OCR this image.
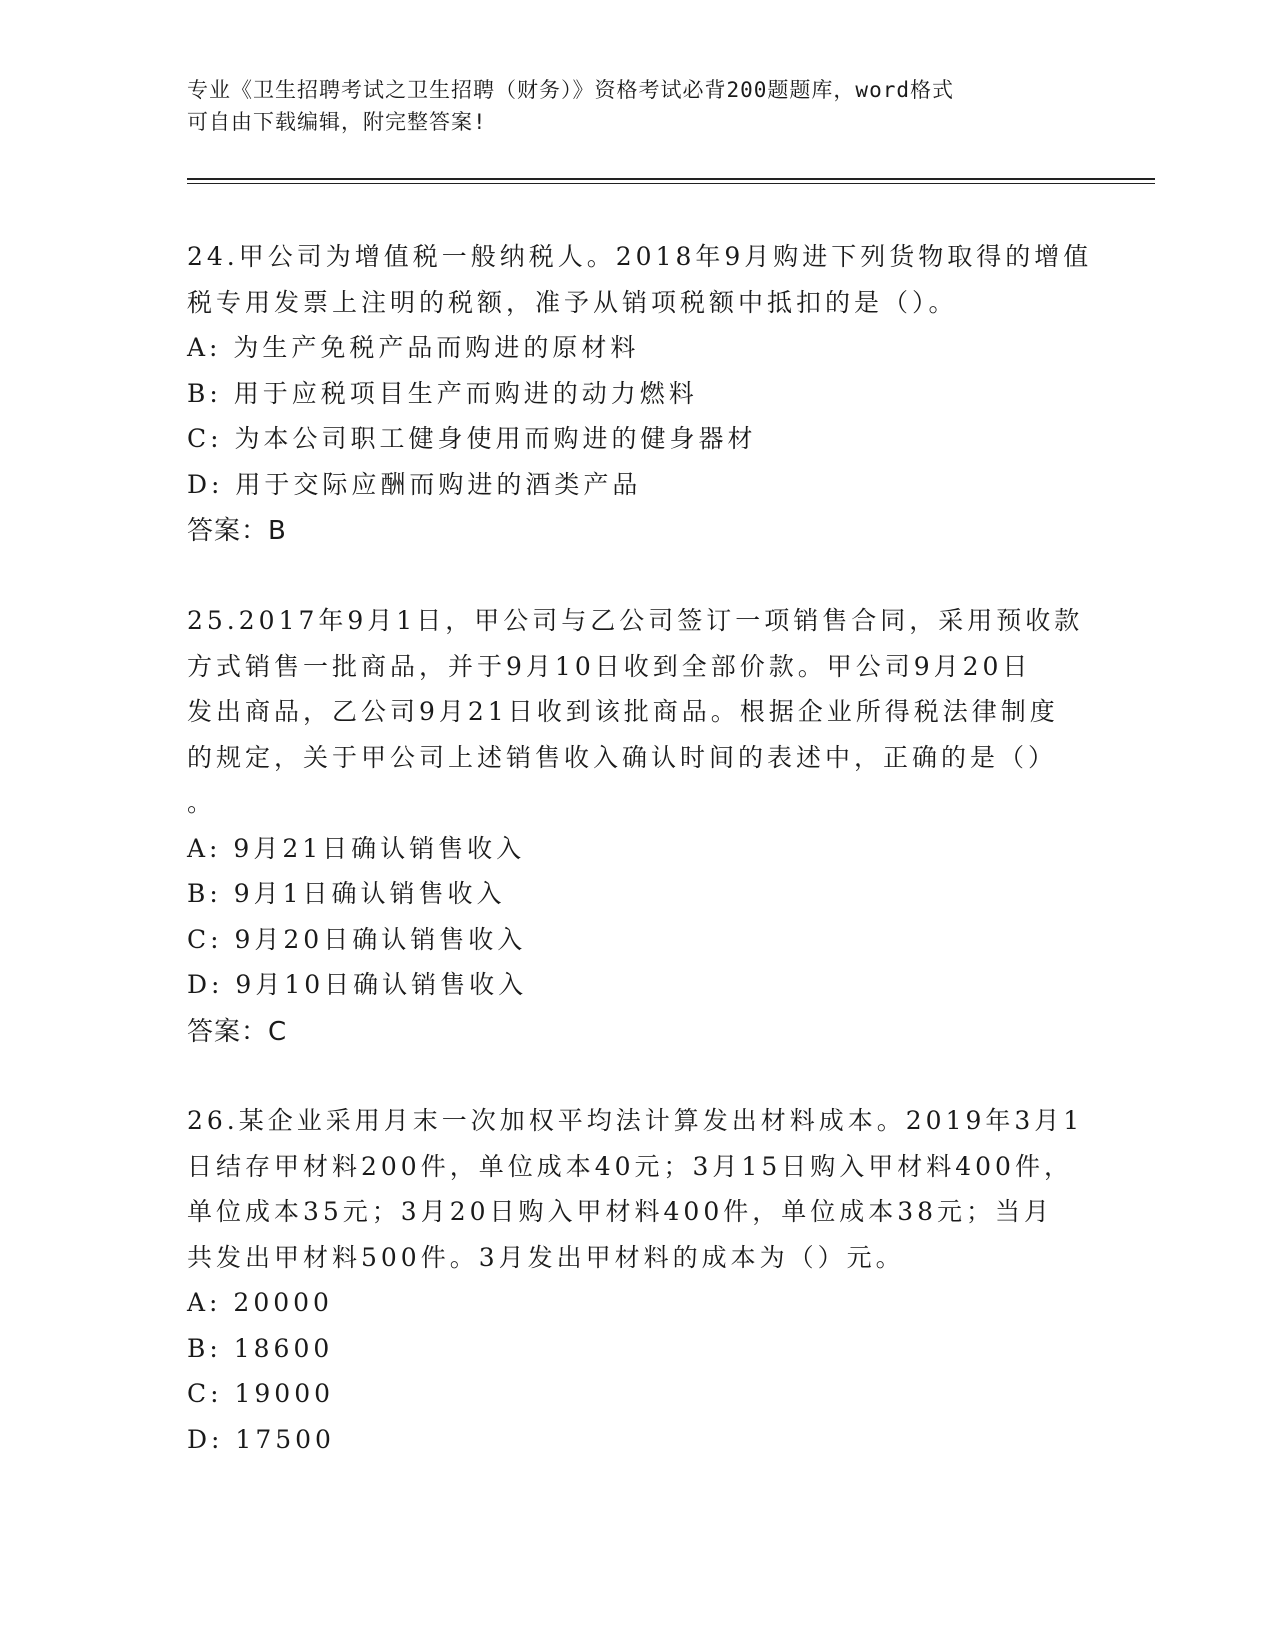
专业《卫生招聘考试之卫生招聘（财务）》资格考试必背200题题库，word格式
可自由下载编辑，附完整答案!
24.甲公司为增值税一般纳税人。2018年9月购进下列货物取得的增值
税专用发票上注明的税额，准予从销项税额中抵扣的是（）。
A: 为生产免税产品而购进的原材料
B: 用于应税项目生产而购进的动力燃料
C: 为本公司职工健身使用而购进的健身器材
D: 用于交际应酬而购进的酒类产品
答案：B
25.2017年9月1日，甲公司与乙公司签订一项销售合同，采用预收款
方式销售一批商品，并于9月10日收到全部价款。甲公司9月20日
发出商品，乙公司9月21日收到该批商品。根据企业所得税法律制度
的规定，关于甲公司上述销售收入确认时间的表述中，正确的是（）
。
A: 9月21日确认销售收入
B: 9月1日确认销售收入
C: 9月20日确认销售收入
D: 9月10日确认销售收入
答案：C
26.某企业采用月末一次加权平均法计算发出材料成本。2019年3月1
日结存甲材料200件，单位成本40元；3月15日购入甲材料400件，
单位成本35元；3月20日购入甲材料400件，单位成本38元；当月
共发出甲材料500件。3月发出甲材料的成本为（）元。
A: 20000
B: 18600
C: 19000
D: 17500
